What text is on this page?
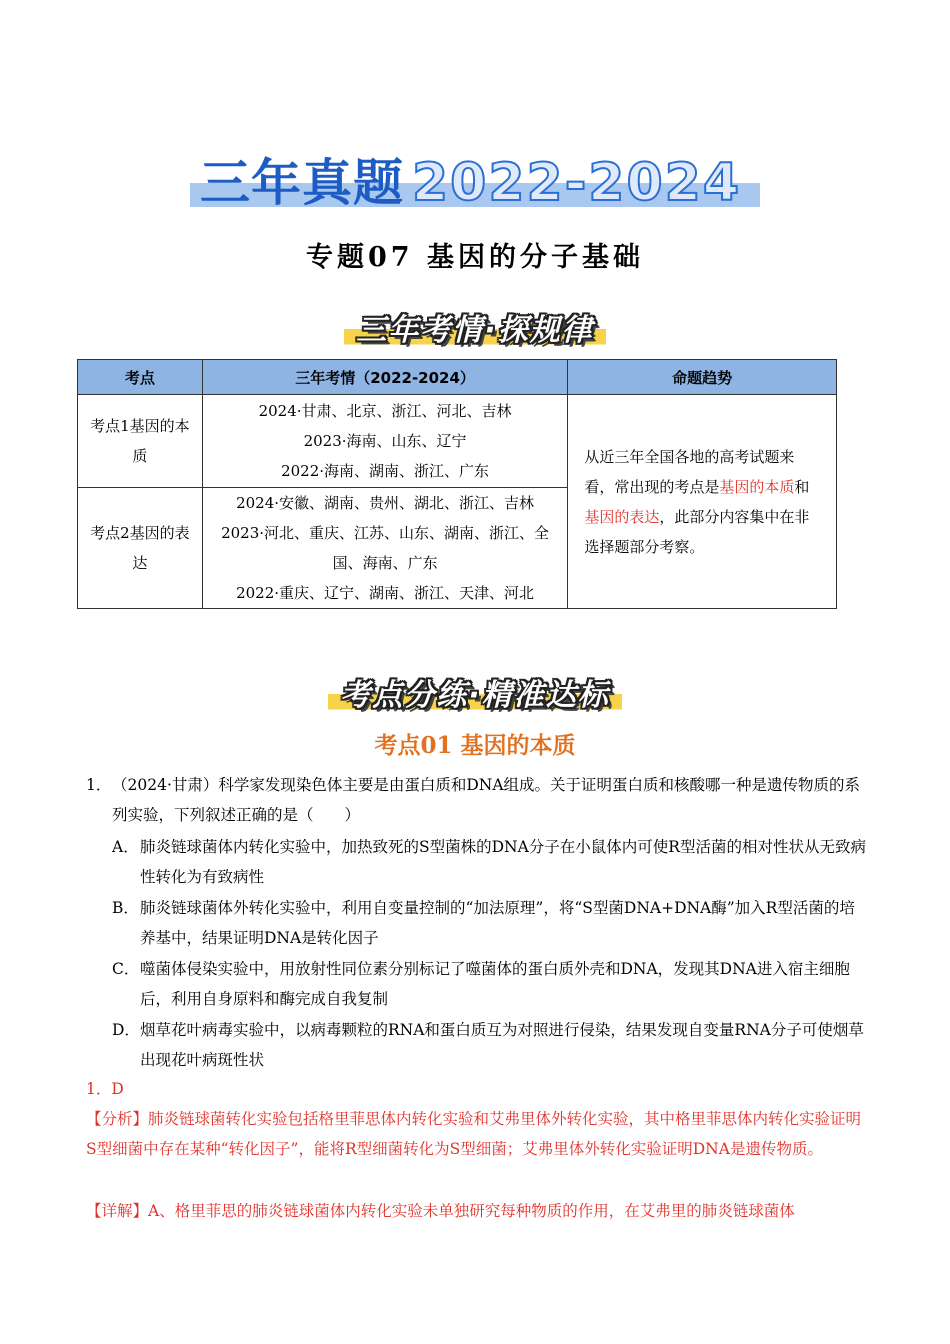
三年真题 2022-2024
专题07 基因的分子基础
三年考情·探规律
考点	三年考情（2022-2024）	命题趋势
考点1基因的本质	2024·甘肃、北京、浙江、河北、吉林
2023·海南、山东、辽宁
2022·海南、湖南、浙江、广东	从近三年全国各地的高考试题来看，常出现的考点是基因的本质和基因的表达，此部分内容集中在非选择题部分考察。
考点2基因的表达	2024·安徽、湖南、贵州、湖北、浙江、吉林
2023·河北、重庆、江苏、山东、湖南、浙江、全国、海南、广东
2022·重庆、辽宁、湖南、浙江、天津、河北	
考点分练·精准达标
考点01 基因的本质
1． （2024·甘肃）科学家发现染色体主要是由蛋白质和DNA组成。关于证明蛋白质和核酸哪一种是遗传物质的系列实验，下列叙述正确的是（　　）
A． 肺炎链球菌体内转化实验中，加热致死的S型菌株的DNA分子在小鼠体内可使R型活菌的相对性状从无致病性转化为有致病性
B． 肺炎链球菌体外转化实验中，利用自变量控制的“加法原理”，将“S型菌DNA+DNA酶”加入R型活菌的培养基中，结果证明DNA是转化因子
C． 噬菌体侵染实验中，用放射性同位素分别标记了噬菌体的蛋白质外壳和DNA，发现其DNA进入宿主细胞后，利用自身原料和酶完成自我复制
D． 烟草花叶病毒实验中，以病毒颗粒的RNA和蛋白质互为对照进行侵染，结果发现自变量RNA分子可使烟草出现花叶病斑性状
1．D
【分析】肺炎链球菌转化实验包括格里菲思体内转化实验和艾弗里体外转化实验，其中格里菲思体内转化实验证明S型细菌中存在某种“转化因子”，能将R型细菌转化为S型细菌；艾弗里体外转化实验证明DNA是遗传物质。
【详解】A、格里菲思的肺炎链球菌体内转化实验未单独研究每种物质的作用，在艾弗里的肺炎链球菌体
